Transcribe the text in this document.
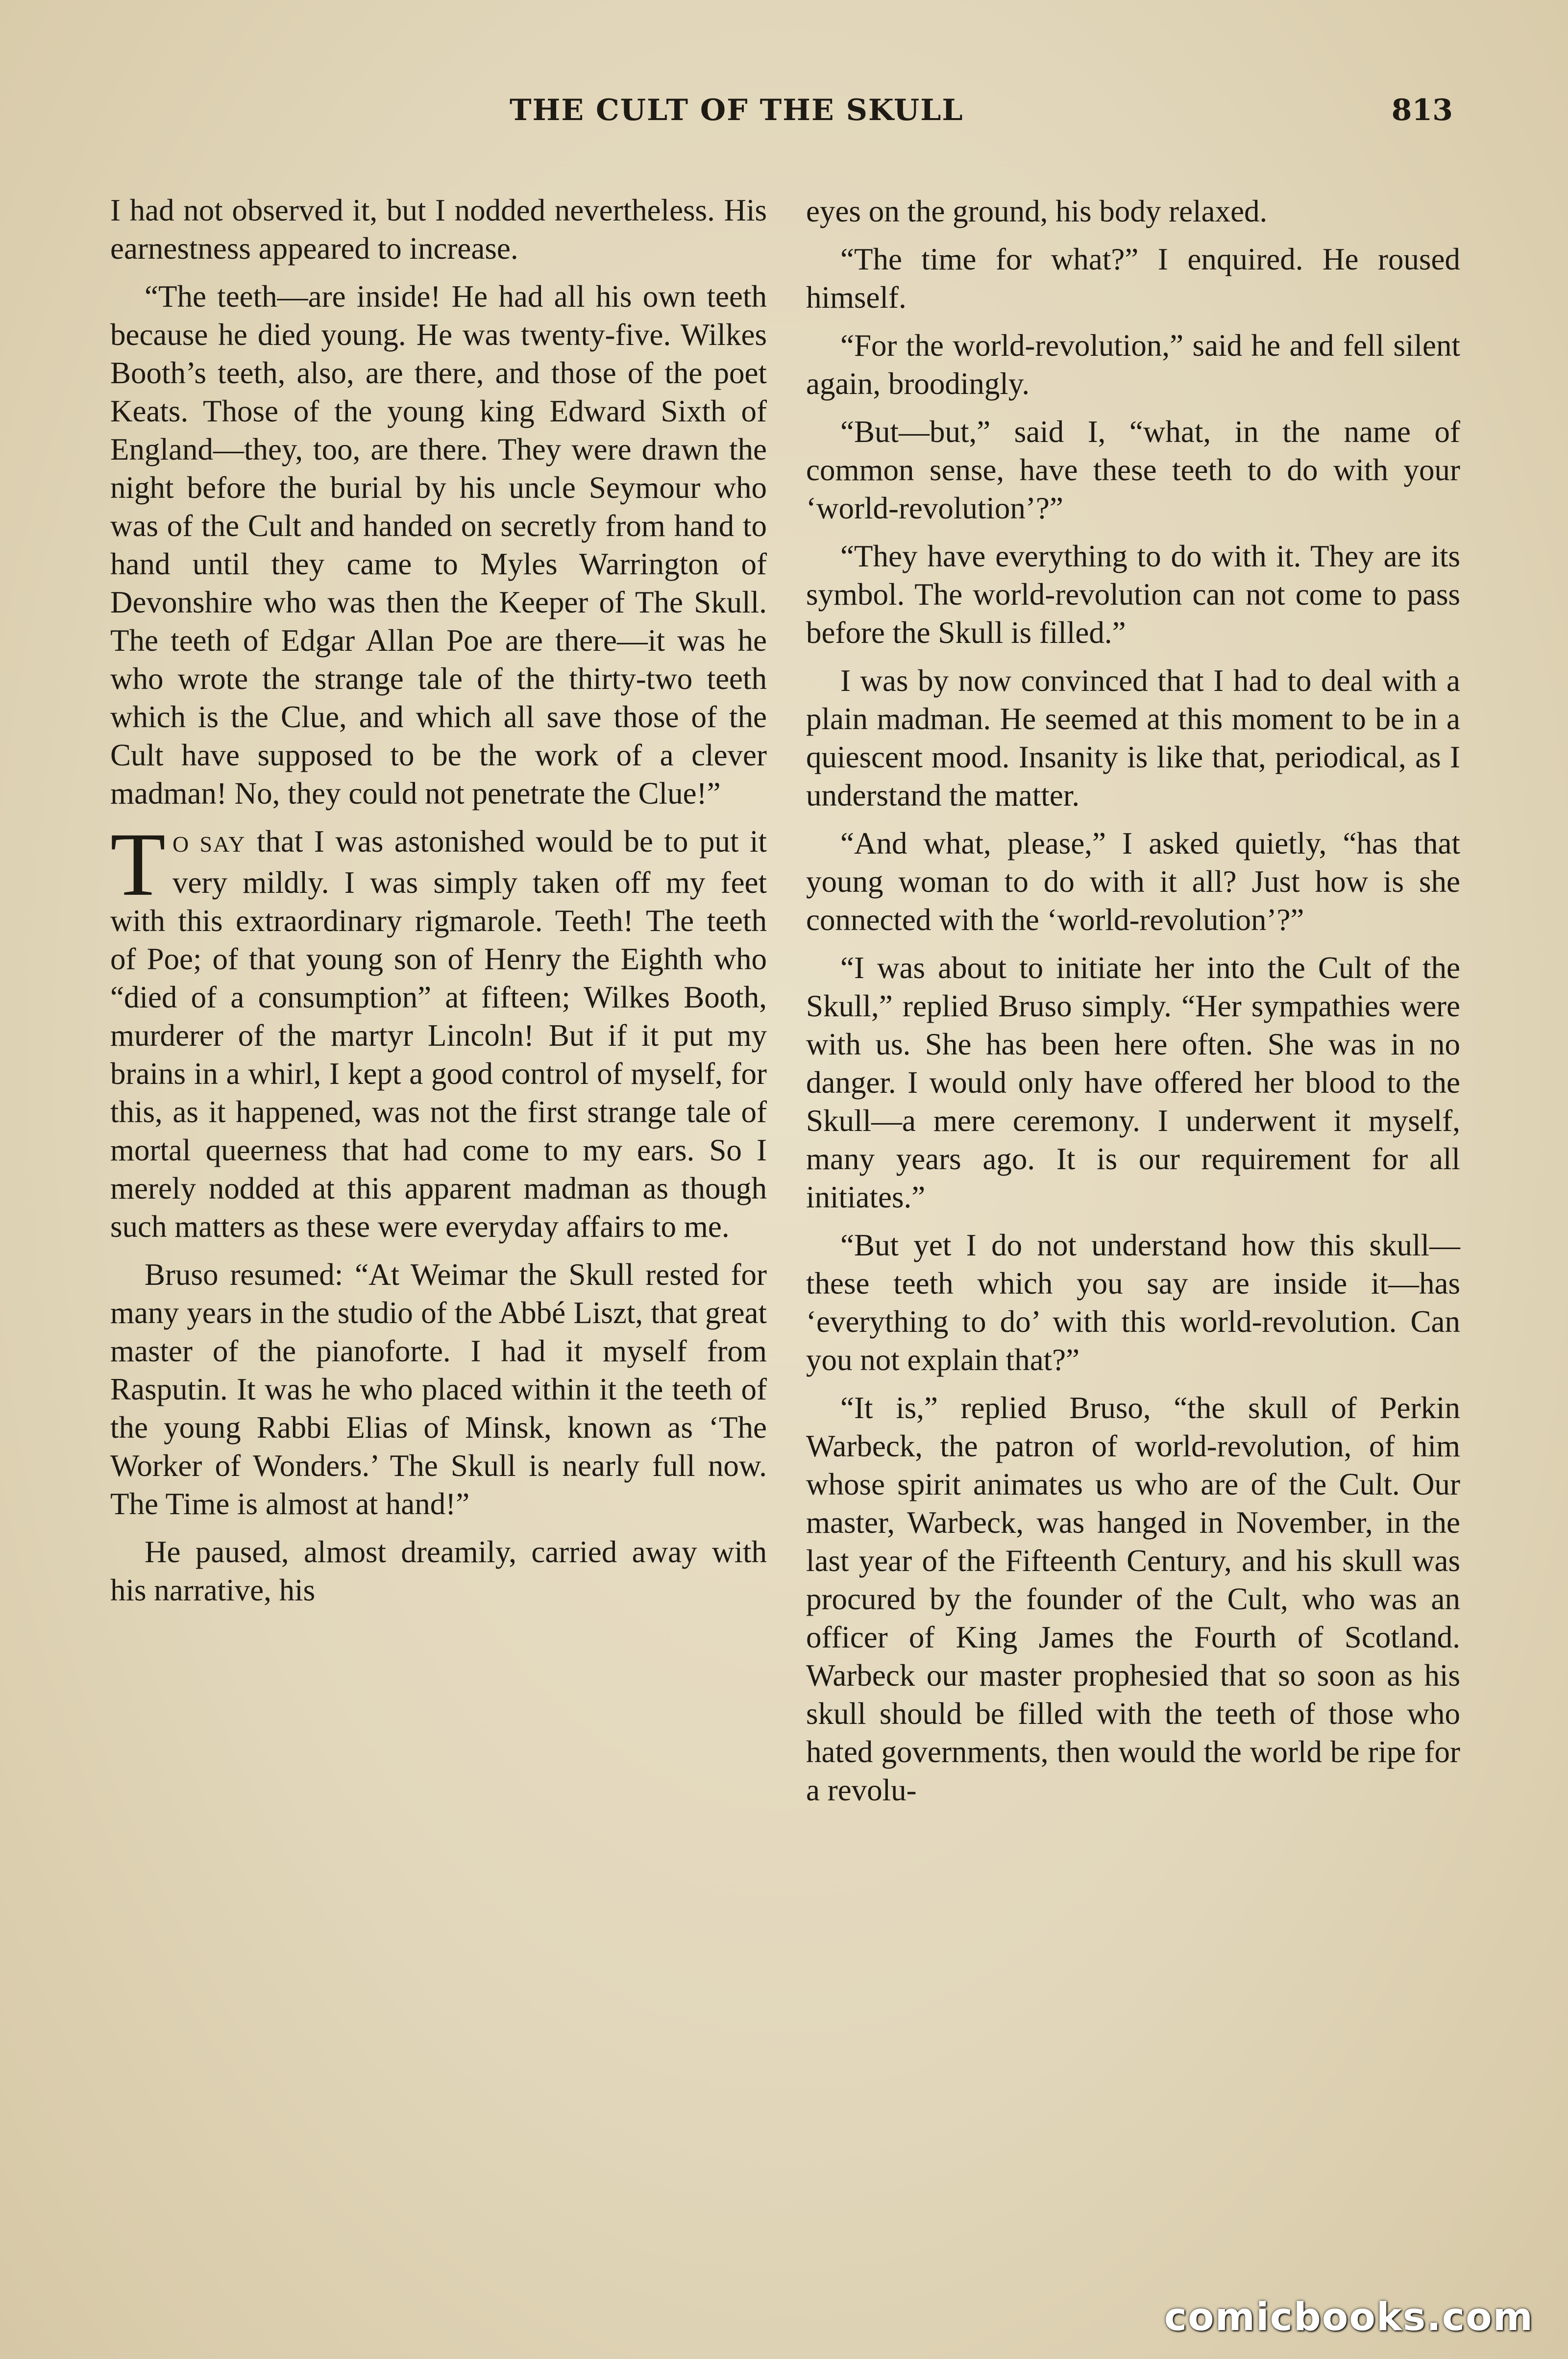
THE CULT OF THE SKULL	813

I had not observed it, but I nodded nevertheless. His earnestness appeared to increase.

“The teeth—are inside! He had all his own teeth because he died young. He was twenty-five. Wilkes Booth’s teeth, also, are there, and those of the poet Keats. Those of the young king Edward Sixth of England—they, too, are there. They were drawn the night before the burial by his uncle Seymour who was of the Cult and handed on secretly from hand to hand until they came to Myles Warrington of Devonshire who was then the Keeper of The Skull. The teeth of Edgar Allan Poe are there—it was he who wrote the strange tale of the thirty-two teeth which is the Clue, and which all save those of the Cult have supposed to be the work of a clever madman! No, they could not penetrate the Clue!”

T O SAY that I was astonished would be to put it very mildly. I was simply taken off my feet with this extraordinary rigmarole. Teeth! The teeth of Poe; of that young son of Henry the Eighth who “died of a consumption” at fifteen; Wilkes Booth, murderer of the martyr Lincoln! But if it put my brains in a whirl, I kept a good control of myself, for this, as it happened, was not the first strange tale of mortal queerness that had come to my ears. So I merely nodded at this apparent madman as though such matters as these were everyday affairs to me.

Bruso resumed: “At Weimar the Skull rested for many years in the studio of the Abbé Liszt, that great master of the pianoforte. I had it myself from Rasputin. It was he who placed within it the teeth of the young Rabbi Elias of Minsk, known as ‘The Worker of Wonders.’ The Skull is nearly full now. The Time is almost at hand!”

He paused, almost dreamily, carried away with his narrative, his

eyes on the ground, his body relaxed.

“The time for what?” I enquired. He roused himself.

“For the world-revolution,” said he and fell silent again, broodingly.

“But—but,” said I, “what, in the name of common sense, have these teeth to do with your ‘world-revolution’?”

“They have everything to do with it. They are its symbol. The world-revolution can not come to pass before the Skull is filled.”

I was by now convinced that I had to deal with a plain madman. He seemed at this moment to be in a quiescent mood. Insanity is like that, periodical, as I understand the matter.

“And what, please,” I asked quietly, “has that young woman to do with it all? Just how is she connected with the ‘world-revolution’?”

“I was about to initiate her into the Cult of the Skull,” replied Bruso simply. “Her sympathies were with us. She has been here often. She was in no danger. I would only have offered her blood to the Skull—a mere ceremony. I underwent it myself, many years ago. It is our requirement for all initiates.”

“But yet I do not understand how this skull—these teeth which you say are inside it—has ‘everything to do’ with this world-revolution. Can you not explain that?”

“It is,” replied Bruso, “the skull of Perkin Warbeck, the patron of world-revolution, of him whose spirit animates us who are of the Cult. Our master, Warbeck, was hanged in November, in the last year of the Fifteenth Century, and his skull was procured by the founder of the Cult, who was an officer of King James the Fourth of Scotland. Warbeck our master prophesied that so soon as his skull should be filled with the teeth of those who hated governments, then would the world be ripe for a revolu-

comicbooks.com
